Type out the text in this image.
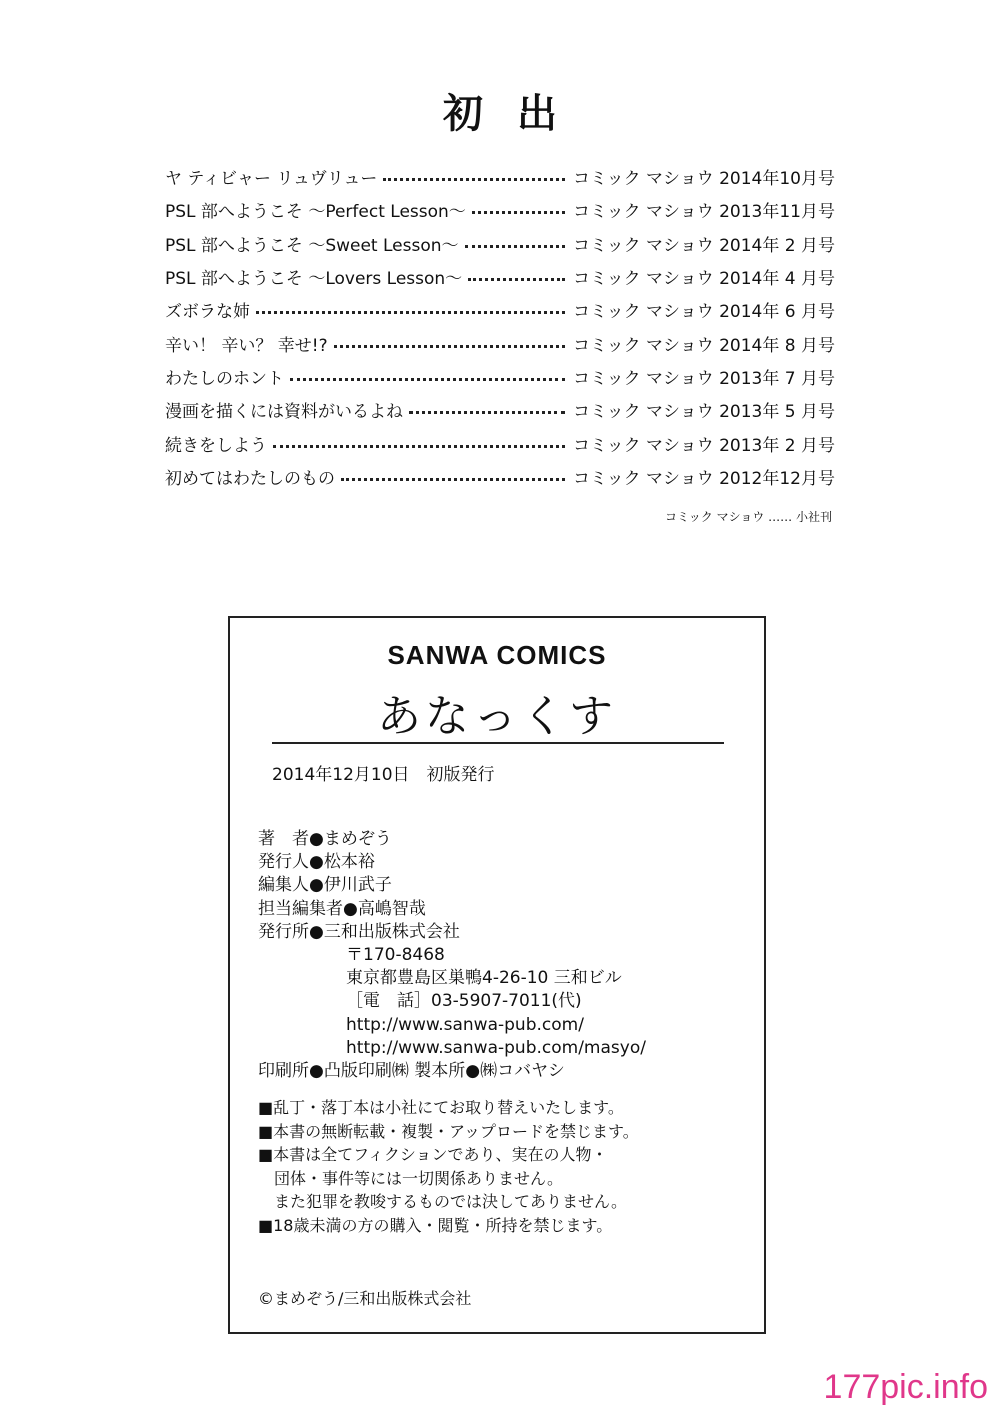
初出
ヤ ティビャー リュヴリュー	コミック マショウ 2014年10月号
PSL 部へようこそ ～Perfect Lesson～	コミック マショウ 2013年11月号
PSL 部へようこそ ～Sweet Lesson～	コミック マショウ 2014年 2 月号
PSL 部へようこそ ～Lovers Lesson～	コミック マショウ 2014年 4 月号
ズボラな姉	コミック マショウ 2014年 6 月号
辛い！ 辛い？ 幸せ!?	コミック マショウ 2014年 8 月号
わたしのホント	コミック マショウ 2013年 7 月号
漫画を描くには資料がいるよね	コミック マショウ 2013年 5 月号
続きをしよう	コミック マショウ 2013年 2 月号
初めてはわたしのもの	コミック マショウ 2012年12月号
コミック マショウ …… 小社刊
SANWA COMICS
あなっくす
2014年12月10日　初版発行
著　者●まめぞう
発行人●松本裕
編集人●伊川武子
担当編集者●高嶋智哉
発行所●三和出版株式会社
〒170-8468
東京都豊島区巣鴨4-26-10 三和ビル
［電　話］03-5907-7011(代)
http://www.sanwa-pub.com/
http://www.sanwa-pub.com/masyo/
印刷所●凸版印刷㈱ 製本所●㈱コバヤシ
■乱丁・落丁本は小社にてお取り替えいたします。
■本書の無断転載・複製・アップロードを禁じます。
■本書は全てフィクションであり、実在の人物・
団体・事件等には一切関係ありません。
また犯罪を教唆するものでは決してありません。
■18歳未満の方の購入・閲覧・所持を禁じます。
©まめぞう/三和出版株式会社
177pic.info
